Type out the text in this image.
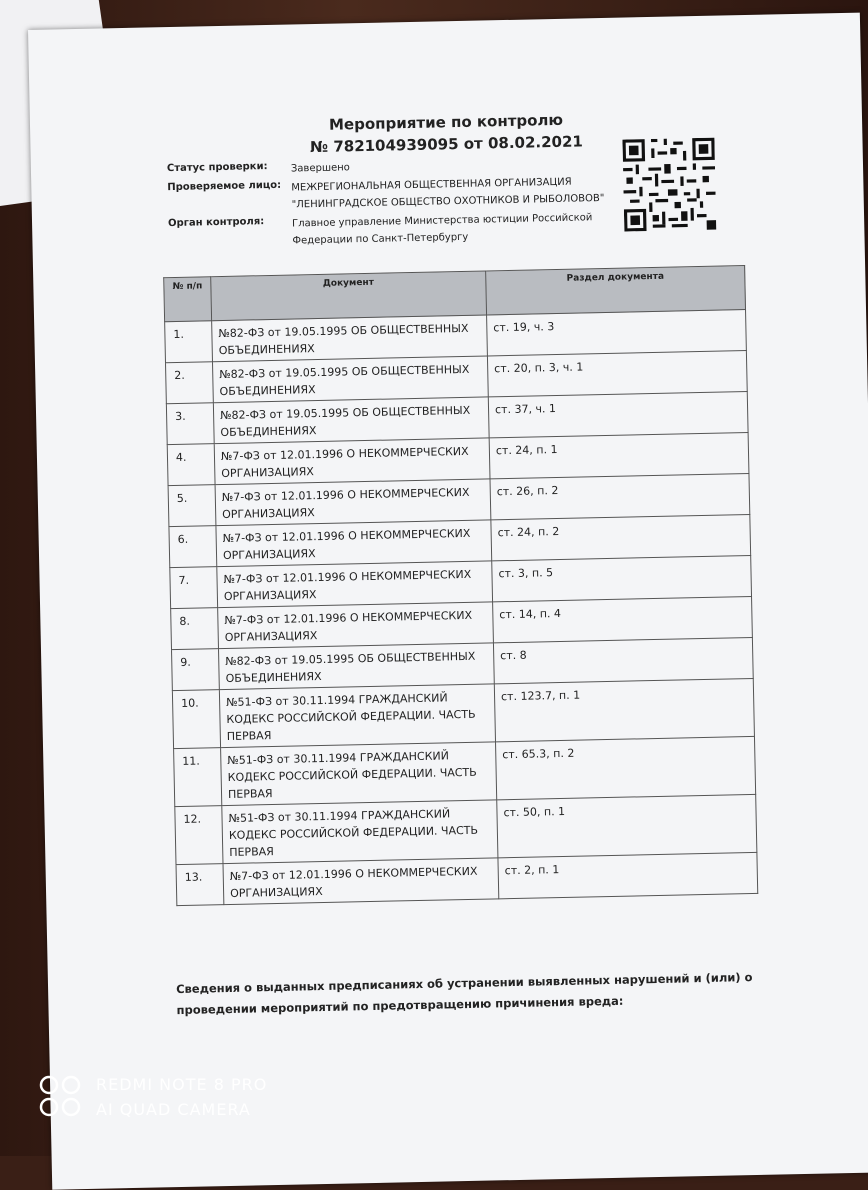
Мероприятие по контролю
№ 782104939095 от 08.02.2021
Статус проверки:	Завершено
Проверяемое лицо:	МЕЖРЕГИОНАЛЬНАЯ ОБЩЕСТВЕННАЯ ОРГАНИЗАЦИЯ "ЛЕНИНГРАДСКОЕ ОБЩЕСТВО ОХОТНИКОВ И РЫБОЛОВОВ"
Орган контроля:	Главное управление Министерства юстиции Российской Федерации по Санкт-Петербургу
№ п/п	Документ	Раздел документа
1.	№82-ФЗ от 19.05.1995 ОБ ОБЩЕСТВЕННЫХ ОБЪЕДИНЕНИЯХ	ст. 19, ч. 3
2.	№82-ФЗ от 19.05.1995 ОБ ОБЩЕСТВЕННЫХ ОБЪЕДИНЕНИЯХ	ст. 20, п. 3, ч. 1
3.	№82-ФЗ от 19.05.1995 ОБ ОБЩЕСТВЕННЫХ ОБЪЕДИНЕНИЯХ	ст. 37, ч. 1
4.	№7-ФЗ от 12.01.1996 О НЕКОММЕРЧЕСКИХ ОРГАНИЗАЦИЯХ	ст. 24, п. 1
5.	№7-ФЗ от 12.01.1996 О НЕКОММЕРЧЕСКИХ ОРГАНИЗАЦИЯХ	ст. 26, п. 2
6.	№7-ФЗ от 12.01.1996 О НЕКОММЕРЧЕСКИХ ОРГАНИЗАЦИЯХ	ст. 24, п. 2
7.	№7-ФЗ от 12.01.1996 О НЕКОММЕРЧЕСКИХ ОРГАНИЗАЦИЯХ	ст. 3, п. 5
8.	№7-ФЗ от 12.01.1996 О НЕКОММЕРЧЕСКИХ ОРГАНИЗАЦИЯХ	ст. 14, п. 4
9.	№82-ФЗ от 19.05.1995 ОБ ОБЩЕСТВЕННЫХ ОБЪЕДИНЕНИЯХ	ст. 8
10.	№51-ФЗ от 30.11.1994 ГРАЖДАНСКИЙ КОДЕКС РОССИЙСКОЙ ФЕДЕРАЦИИ. ЧАСТЬ ПЕРВАЯ	ст. 123.7, п. 1
11.	№51-ФЗ от 30.11.1994 ГРАЖДАНСКИЙ КОДЕКС РОССИЙСКОЙ ФЕДЕРАЦИИ. ЧАСТЬ ПЕРВАЯ	ст. 65.3, п. 2
12.	№51-ФЗ от 30.11.1994 ГРАЖДАНСКИЙ КОДЕКС РОССИЙСКОЙ ФЕДЕРАЦИИ. ЧАСТЬ ПЕРВАЯ	ст. 50, п. 1
13.	№7-ФЗ от 12.01.1996 О НЕКОММЕРЧЕСКИХ ОРГАНИЗАЦИЯХ	ст. 2, п. 1
Сведения о выданных предписаниях об устранении выявленных нарушений и (или) о проведении мероприятий по предотвращению причинения вреда:
REDMI NOTE 8 PRO
AI QUAD CAMERA
